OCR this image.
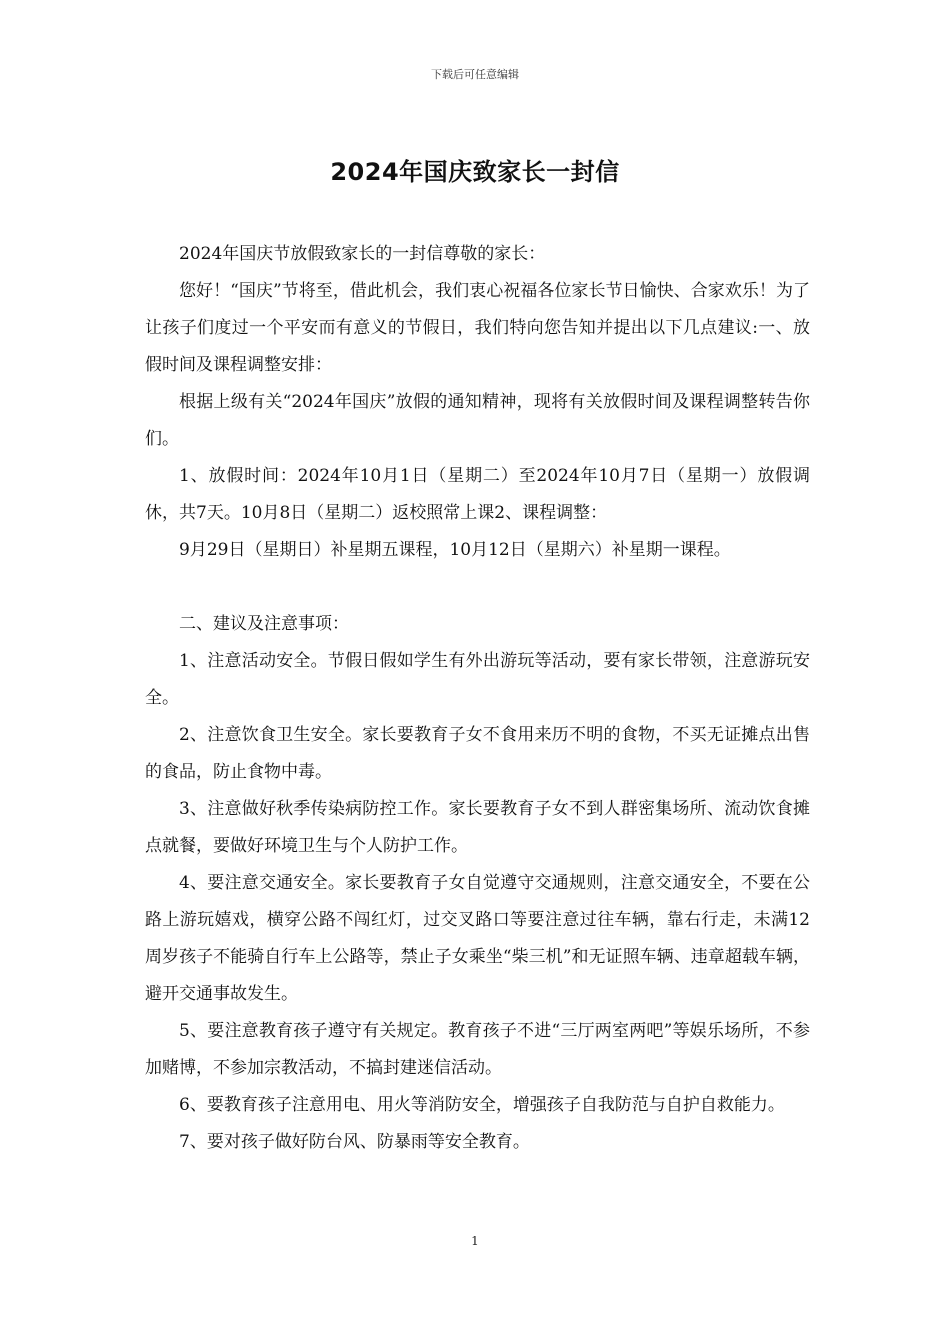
下载后可任意编辑
2024年国庆致家长一封信

2024年国庆节放假致家长的一封信尊敬的家长：

您好！“国庆”节将至，借此机会，我们衷心祝福各位家长节日愉快、合家欢乐！为了让孩子们度过一个平安而有意义的节假日，我们特向您告知并提出以下几点建议:一、放假时间及课程调整安排：

根据上级有关“2024年国庆”放假的通知精神，现将有关放假时间及课程调整转告你们。

1、放假时间：2024年10月1日（星期二）至2024年10月7日（星期一）放假调休，共7天。10月8日（星期二）返校照常上课2、课程调整：

9月29日（星期日）补星期五课程，10月12日（星期六）补星期一课程。

二、建议及注意事项：

1、注意活动安全。节假日假如学生有外出游玩等活动，要有家长带领，注意游玩安全。

2、注意饮食卫生安全。家长要教育子女不食用来历不明的食物，不买无证摊点出售的食品，防止食物中毒。

3、注意做好秋季传染病防控工作。家长要教育子女不到人群密集场所、流动饮食摊点就餐，要做好环境卫生与个人防护工作。

4、要注意交通安全。家长要教育子女自觉遵守交通规则，注意交通安全，不要在公路上游玩嬉戏，横穿公路不闯红灯，过交叉路口等要注意过往车辆，靠右行走，未满12周岁孩子不能骑自行车上公路等，禁止子女乘坐“柴三机”和无证照车辆、违章超载车辆，避开交通事故发生。

5、要注意教育孩子遵守有关规定。教育孩子不进“三厅两室两吧”等娱乐场所，不参加赌博，不参加宗教活动，不搞封建迷信活动。

6、要教育孩子注意用电、用火等消防安全，增强孩子自我防范与自护自救能力。

7、要对孩子做好防台风、防暴雨等安全教育。

1
